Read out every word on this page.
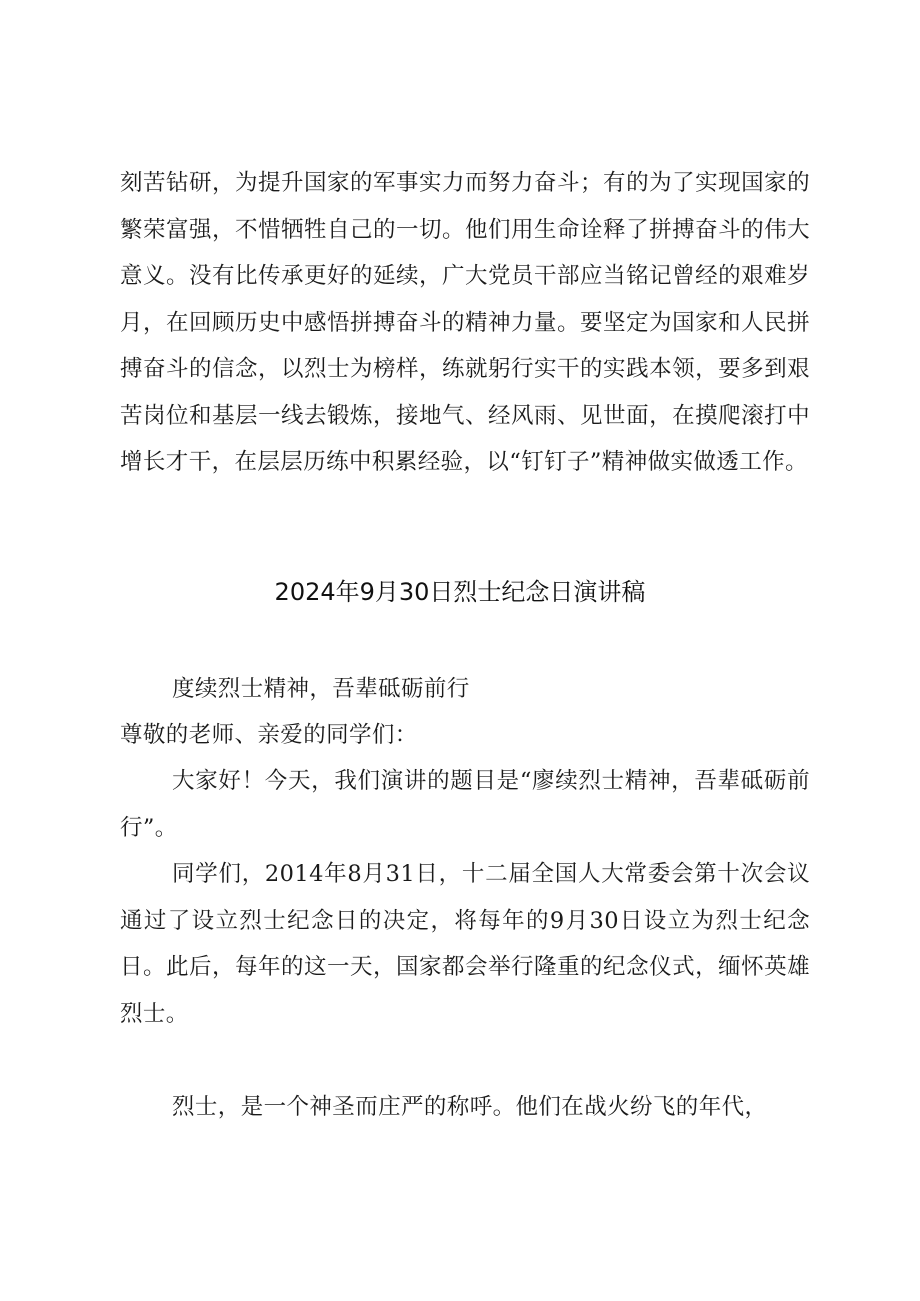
刻苦钻研，为提升国家的军事实力而努力奋斗；有的为了实现国家的繁荣富强，不惜牺牲自己的一切。他们用生命诠释了拼搏奋斗的伟大意义。没有比传承更好的延续，广大党员干部应当铭记曾经的艰难岁月，在回顾历史中感悟拼搏奋斗的精神力量。要坚定为国家和人民拼搏奋斗的信念，以烈士为榜样，练就躬行实干的实践本领，要多到艰苦岗位和基层一线去锻炼，接地气、经风雨、见世面，在摸爬滚打中增长才干，在层层历练中积累经验，以“钉钉子”精神做实做透工作。
2024年9月30日烈士纪念日演讲稿
度续烈士精神，吾辈砥砺前行
尊敬的老师、亲爱的同学们：
大家好！今天，我们演讲的题目是“廖续烈士精神，吾辈砥砺前行”。
同学们，2014年8月31日，十二届全国人大常委会第十次会议通过了设立烈士纪念日的决定，将每年的9月30日设立为烈士纪念日。此后，每年的这一天，国家都会举行隆重的纪念仪式，缅怀英雄烈士。
烈士，是一个神圣而庄严的称呼。他们在战火纷飞的年代，
